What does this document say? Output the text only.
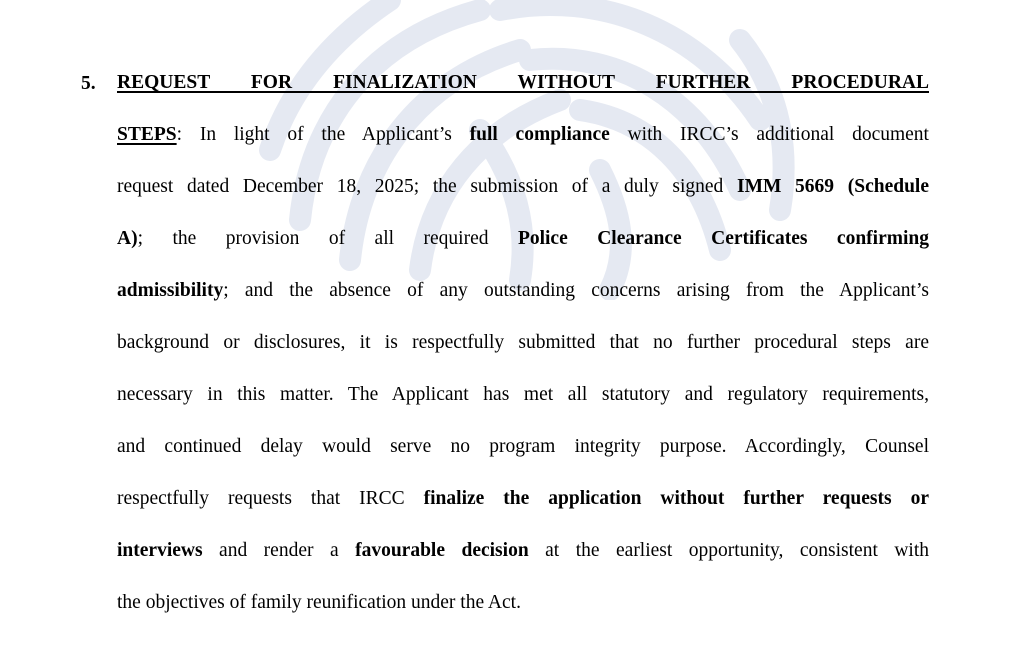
5. REQUEST FOR FINALIZATION WITHOUT FURTHER PROCEDURAL
STEPS: In light of the Applicant’s full compliance with IRCC’s additional document
request dated December 18, 2025; the submission of a duly signed IMM 5669 (Schedule
A); the provision of all required Police Clearance Certificates confirming
admissibility; and the absence of any outstanding concerns arising from the Applicant’s
background or disclosures, it is respectfully submitted that no further procedural steps are
necessary in this matter. The Applicant has met all statutory and regulatory requirements,
and continued delay would serve no program integrity purpose. Accordingly, Counsel
respectfully requests that IRCC finalize the application without further requests or
interviews and render a favourable decision at the earliest opportunity, consistent with
the objectives of family reunification under the Act.
